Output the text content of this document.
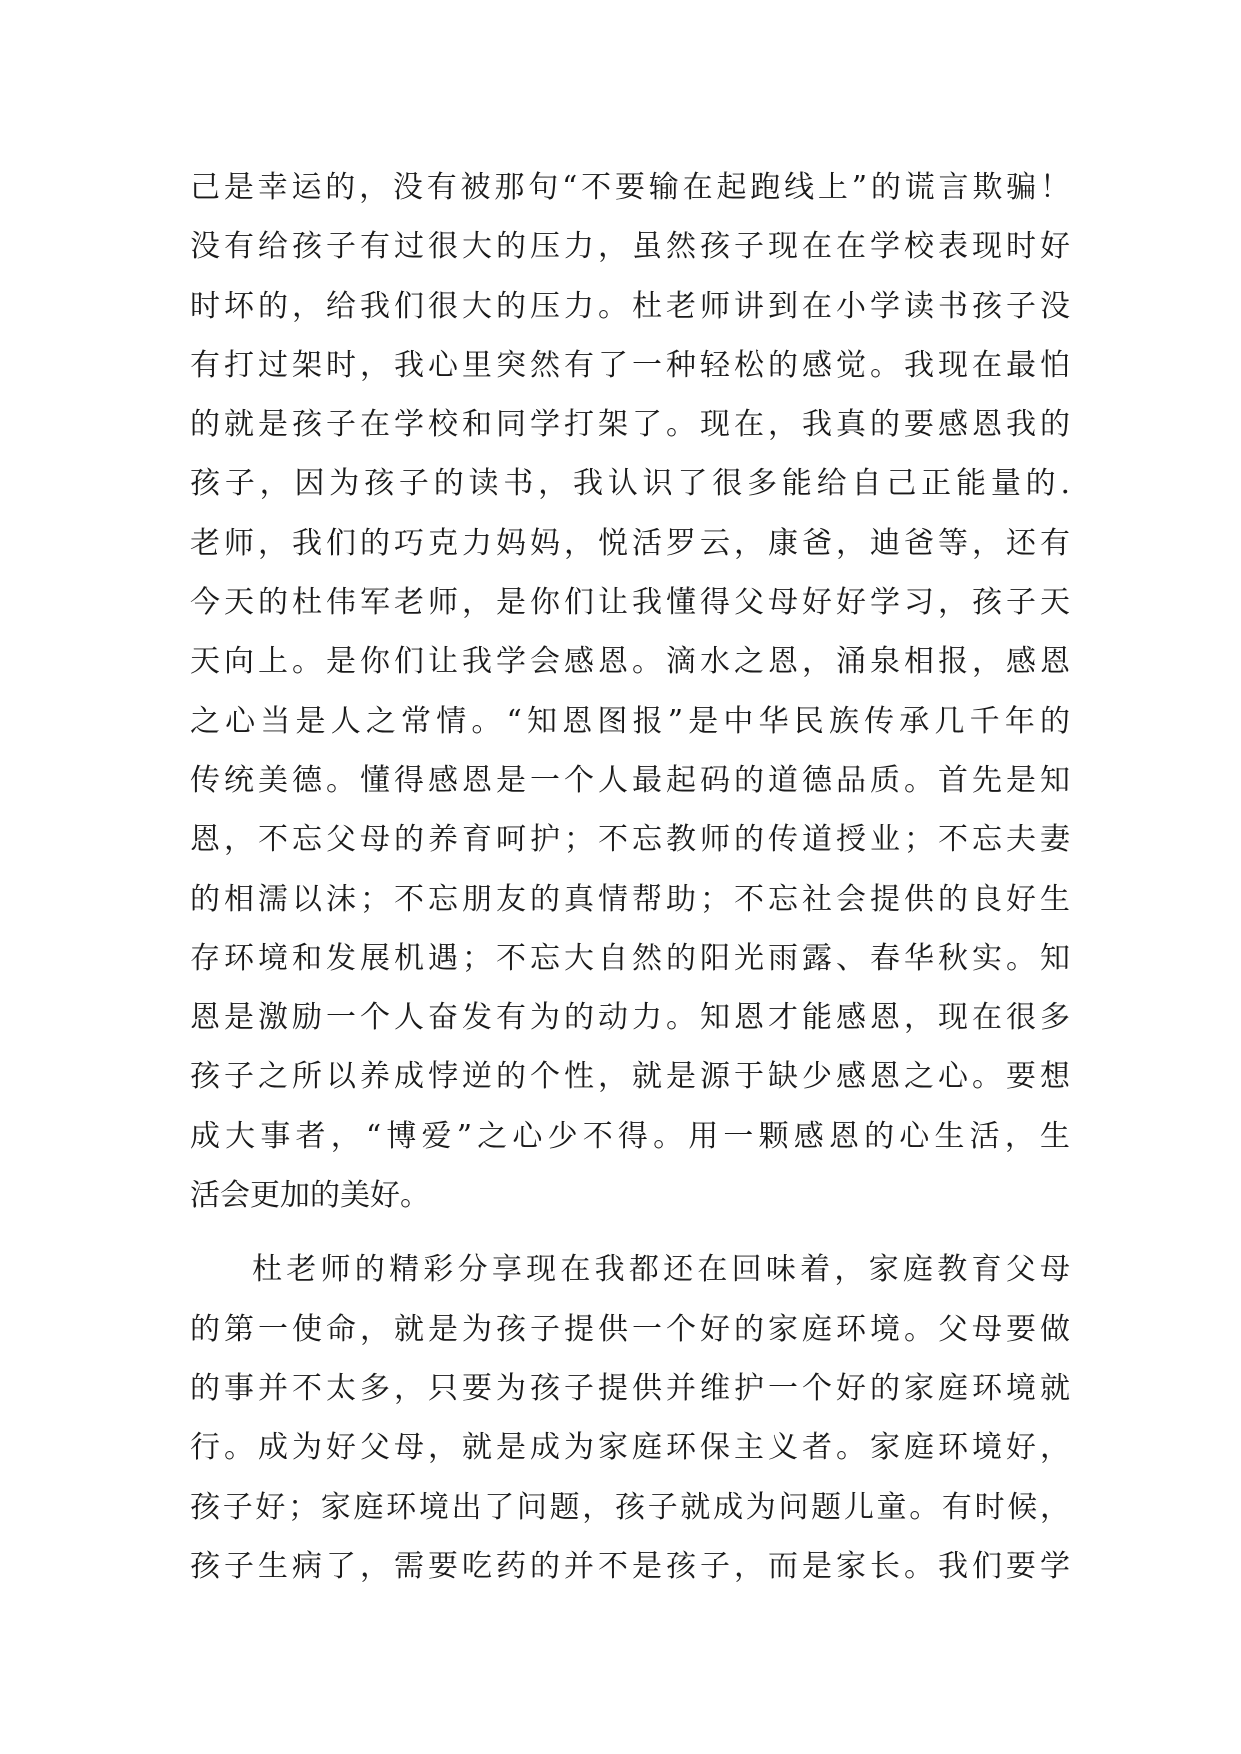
己是幸运的，没有被那句“不要输在起跑线上”的谎言欺骗！
没有给孩子有过很大的压力，虽然孩子现在在学校表现时好
时坏的，给我们很大的压力。杜老师讲到在小学读书孩子没
有打过架时，我心里突然有了一种轻松的感觉。我现在最怕
的就是孩子在学校和同学打架了。现在，我真的要感恩我的
孩子，因为孩子的读书，我认识了很多能给自己正能量的.
老师，我们的巧克力妈妈，悦活罗云，康爸，迪爸等，还有
今天的杜伟军老师，是你们让我懂得父母好好学习，孩子天
天向上。是你们让我学会感恩。滴水之恩，涌泉相报，感恩
之心当是人之常情。“知恩图报”是中华民族传承几千年的
传统美德。懂得感恩是一个人最起码的道德品质。首先是知
恩，不忘父母的养育呵护；不忘教师的传道授业；不忘夫妻
的相濡以沫；不忘朋友的真情帮助；不忘社会提供的良好生
存环境和发展机遇；不忘大自然的阳光雨露、春华秋实。知
恩是激励一个人奋发有为的动力。知恩才能感恩，现在很多
孩子之所以养成悖逆的个性，就是源于缺少感恩之心。要想
成大事者，“博爱”之心少不得。用一颗感恩的心生活，生
活会更加的美好。
杜老师的精彩分享现在我都还在回味着，家庭教育父母
的第一使命，就是为孩子提供一个好的家庭环境。父母要做
的事并不太多，只要为孩子提供并维护一个好的家庭环境就
行。成为好父母，就是成为家庭环保主义者。家庭环境好，
孩子好；家庭环境出了问题，孩子就成为问题儿童。有时候，
孩子生病了，需要吃药的并不是孩子，而是家长。我们要学
